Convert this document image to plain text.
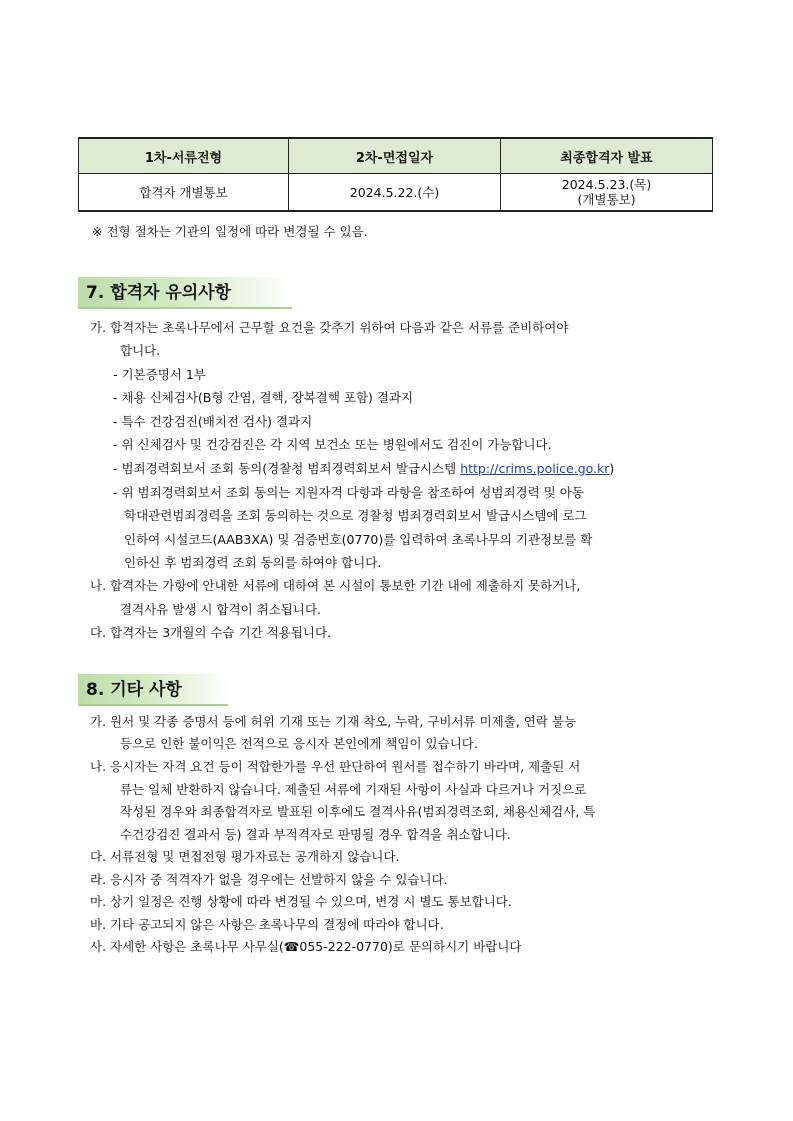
1차-서류전형	2차-면접일자	최종합격자 발표
합격자 개별통보	2024.5.22.(수)	2024.5.23.(목)
(개별통보)
※ 전형 절차는 기관의 일정에 따라 변경될 수 있음.
7. 합격자 유의사항
가. 합격자는 초록나무에서 근무할 요건을 갖추기 위하여 다음과 같은 서류를 준비하여야
합니다.
- 기본증명서 1부
- 채용 신체검사(B형 간염, 결핵, 장복결핵 포함) 결과지
- 특수 건강검진(배치전 검사) 결과지
- 위 신체검사 및 건강검진은 각 지역 보건소 또는 병원에서도 검진이 가능합니다.
- 범죄경력회보서 조회 동의(경찰청 범죄경력회보서 발급시스템 http://crims.police.go.kr)
- 위 범죄경력회보서 조회 동의는 지원자격 다항과 라항을 참조하여 성범죄경력 및 아동
학대관련범죄경력을 조회 동의하는 것으로 경찰청 범죄경력회보서 발급시스템에 로그
인하여 시설코드(AAB3XA) 및 검증번호(0770)를 입력하여 초록나무의 기관정보를 확
인하신 후 범죄경력 조회 동의를 하여야 합니다.
나. 합격자는 가항에 안내한 서류에 대하여 본 시설이 통보한 기간 내에 제출하지 못하거나,
결격사유 발생 시 합격이 취소됩니다.
다. 합격자는 3개월의 수습 기간 적용됩니다.
8. 기타 사항
가. 원서 및 각종 증명서 등에 허위 기재 또는 기재 착오, 누락, 구비서류 미제출, 연락 불능
등으로 인한 불이익은 전적으로 응시자 본인에게 책임이 있습니다.
나. 응시자는 자격 요건 등이 적합한가를 우선 판단하여 원서를 접수하기 바라며, 제출된 서
류는 일체 반환하지 않습니다. 제출된 서류에 기재된 사항이 사실과 다르거나 거짓으로
작성된 경우와 최종합격자로 발표된 이후에도 결격사유(범죄경력조회, 채용신체검사, 특
수건강검진 결과서 등) 결과 부적격자로 판명될 경우 합격을 취소합니다.
다. 서류전형 및 면접전형 평가자료는 공개하지 않습니다.
라. 응시자 중 적격자가 없을 경우에는 선발하지 않을 수 있습니다.
마. 상기 일정은 진행 상황에 따라 변경될 수 있으며, 변경 시 별도 통보합니다.
바. 기타 공고되지 않은 사항은 초록나무의 결정에 따라야 합니다.
사. 자세한 사항은 초록나무 사무실(☎055-222-0770)로 문의하시기 바랍니다
